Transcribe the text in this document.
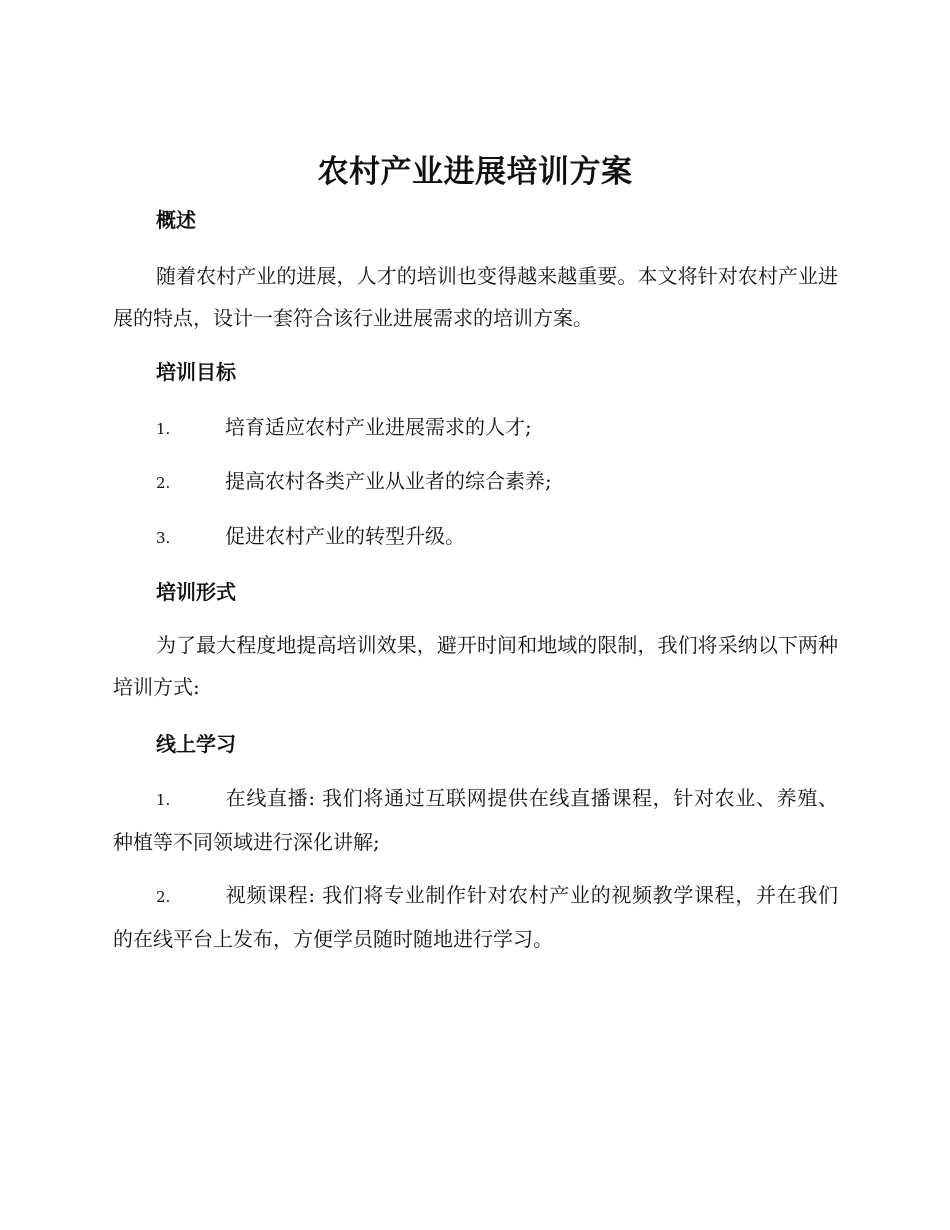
农村产业进展培训方案
概述
随着农村产业的进展，人才的培训也变得越来越重要。本文将针对农村产业进展的特点，设计一套符合该行业进展需求的培训方案。
培训目标
1.	培育适应农村产业进展需求的人才;
2.	提高农村各类产业从业者的综合素养;
3.	促进农村产业的转型升级。
培训形式
为了最大程度地提高培训效果，避开时间和地域的限制，我们将采纳以下两种培训方式:
线上学习
1.	在线直播: 我们将通过互联网提供在线直播课程，针对农业、养殖、种植等不同领域进行深化讲解;
2.	视频课程: 我们将专业制作针对农村产业的视频教学课程，并在我们的在线平台上发布，方便学员随时随地进行学习。
